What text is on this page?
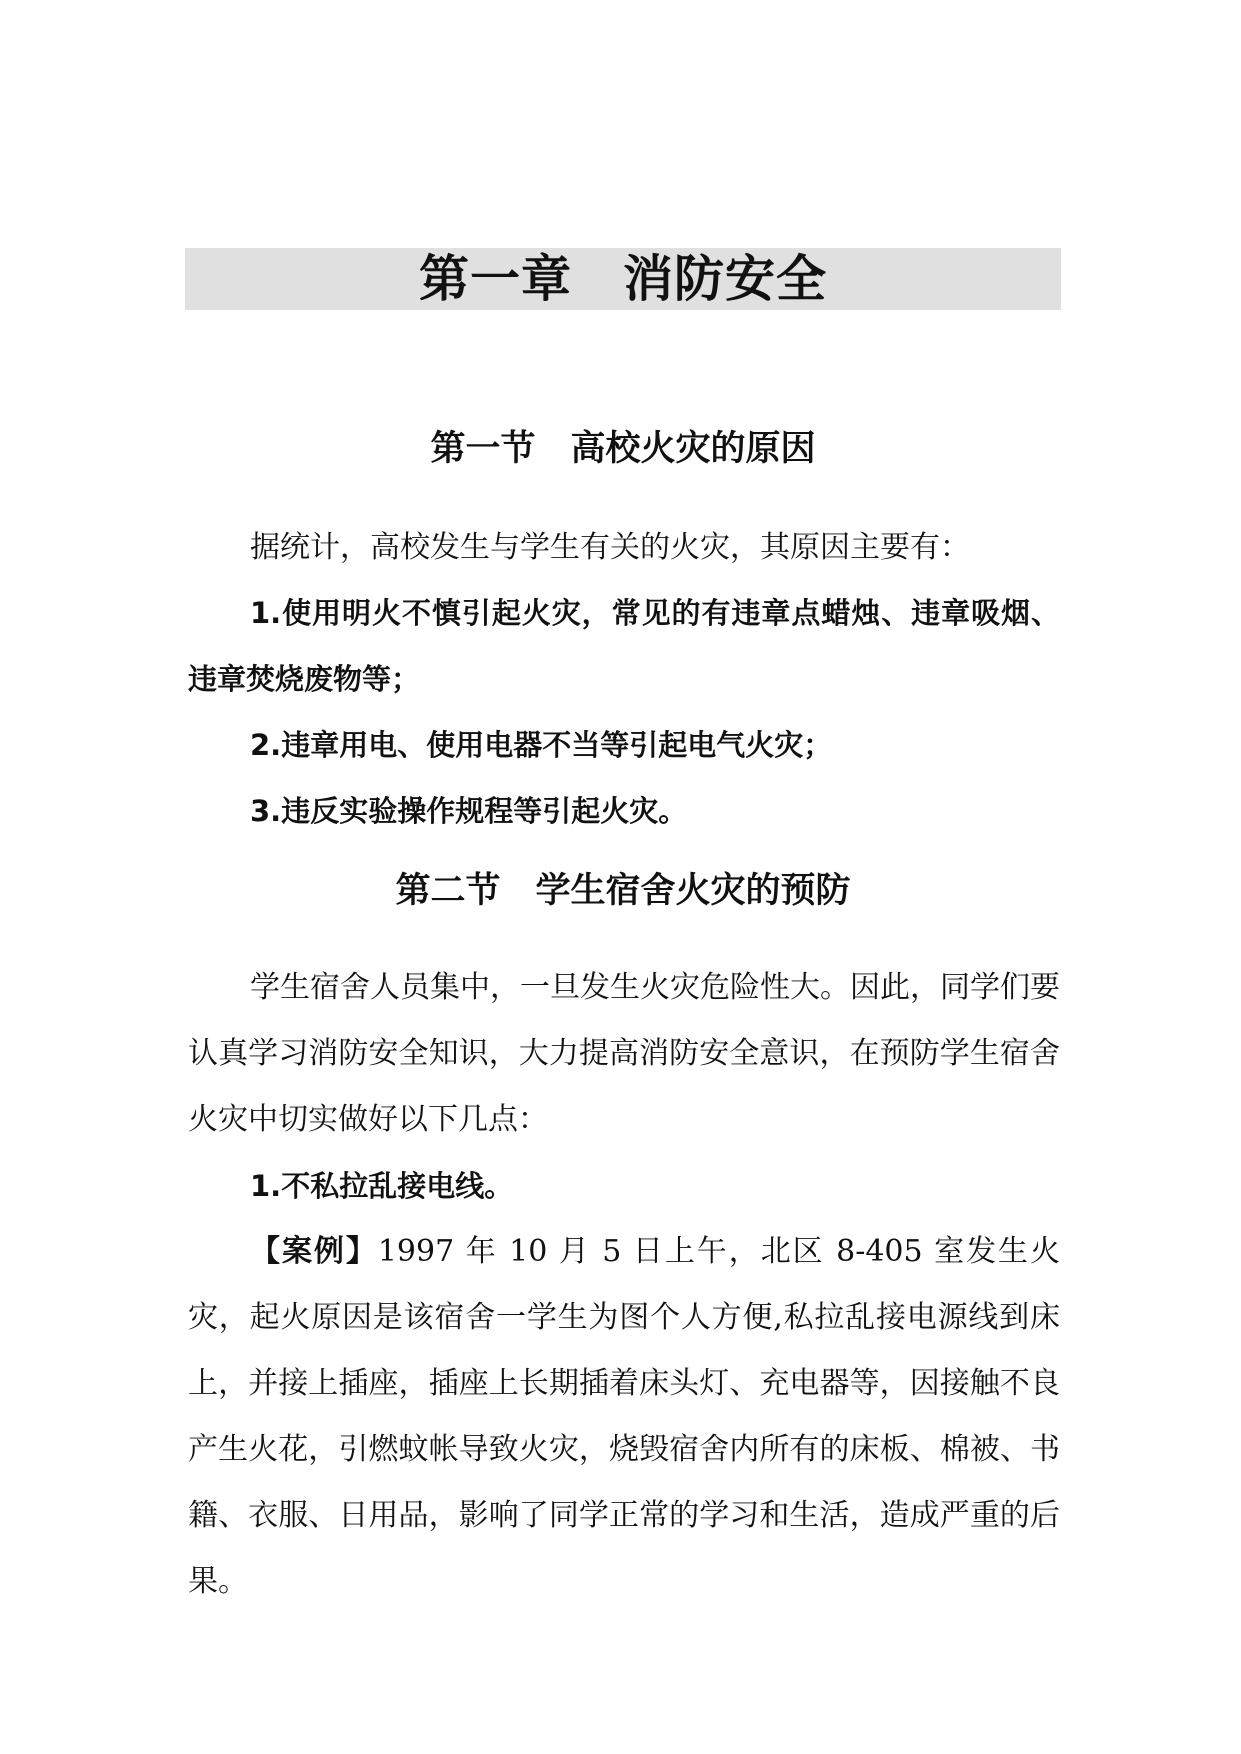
第一章　消防安全
第一节　高校火灾的原因

据统计，高校发生与学生有关的火灾，其原因主要有：

1.使用明火不慎引起火灾，常见的有违章点蜡烛、违章吸烟、违章焚烧废物等；

2.违章用电、使用电器不当等引起电气火灾；

3.违反实验操作规程等引起火灾。

第二节　学生宿舍火灾的预防

学生宿舍人员集中，一旦发生火灾危险性大。因此，同学们要认真学习消防安全知识，大力提高消防安全意识，在预防学生宿舍火灾中切实做好以下几点：

1.不私拉乱接电线。

【案例】1997 年 10 月 5 日上午，北区 8-405 室发生火灾，起火原因是该宿舍一学生为图个人方便,私拉乱接电源线到床上，并接上插座，插座上长期插着床头灯、充电器等，因接触不良产生火花，引燃蚊帐导致火灾，烧毁宿舍内所有的床板、棉被、书籍、衣服、日用品，影响了同学正常的学习和生活，造成严重的后果。
